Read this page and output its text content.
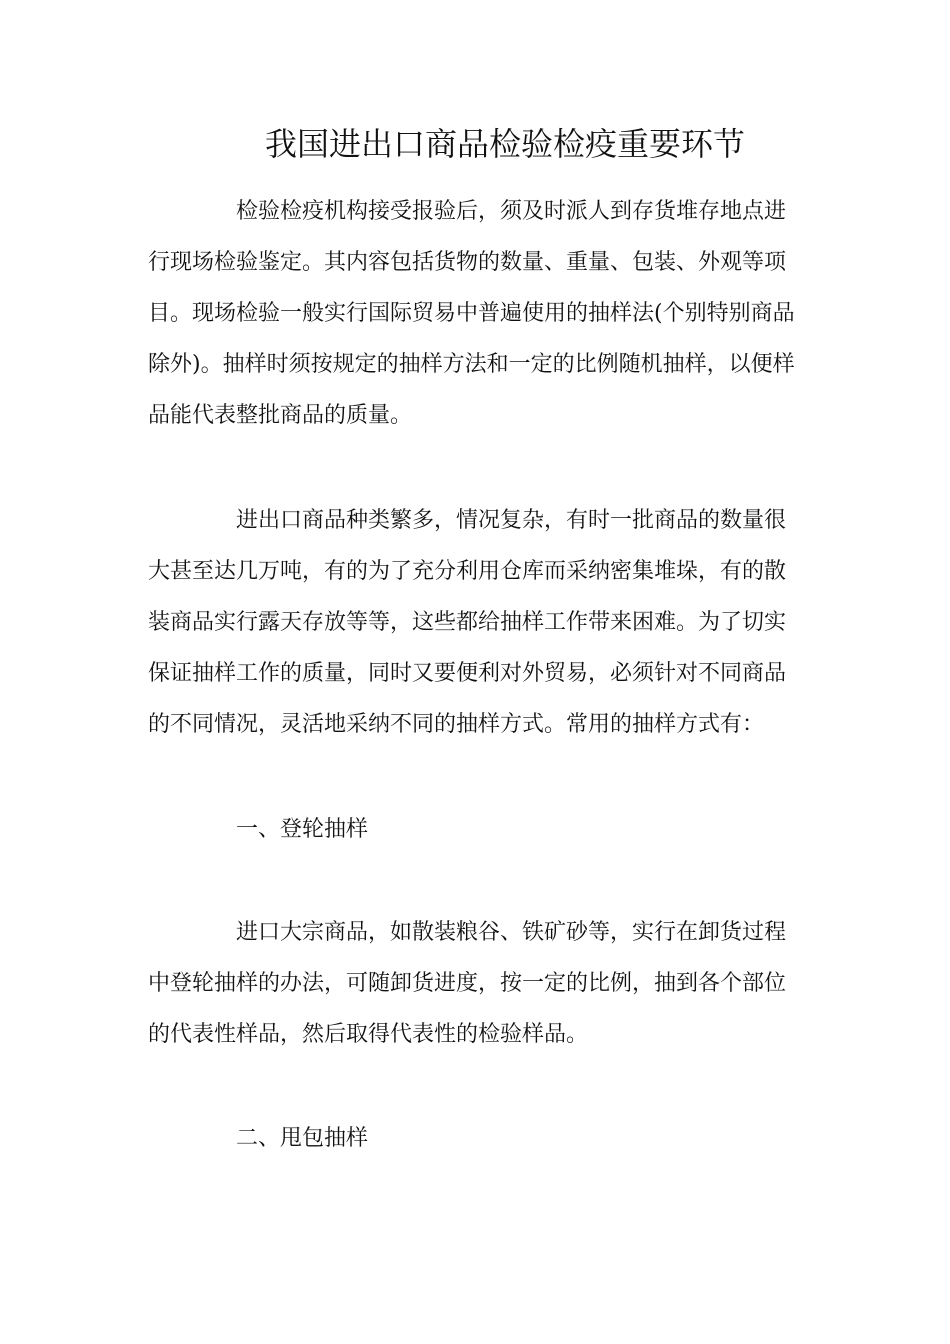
我国进出口商品检验检疫重要环节
检验检疫机构接受报验后，须及时派人到存货堆存地点进
行现场检验鉴定。其内容包括货物的数量、重量、包装、外观等项
目。现场检验一般实行国际贸易中普遍使用的抽样法(个别特别商品
除外)。抽样时须按规定的抽样方法和一定的比例随机抽样，以便样
品能代表整批商品的质量。
进出口商品种类繁多，情况复杂，有时一批商品的数量很
大甚至达几万吨，有的为了充分利用仓库而采纳密集堆垛，有的散
装商品实行露天存放等等，这些都给抽样工作带来困难。为了切实
保证抽样工作的质量，同时又要便利对外贸易，必须针对不同商品
的不同情况，灵活地采纳不同的抽样方式。常用的抽样方式有：
一、登轮抽样
进口大宗商品，如散装粮谷、铁矿砂等，实行在卸货过程
中登轮抽样的办法，可随卸货进度，按一定的比例，抽到各个部位
的代表性样品，然后取得代表性的检验样品。
二、甩包抽样
